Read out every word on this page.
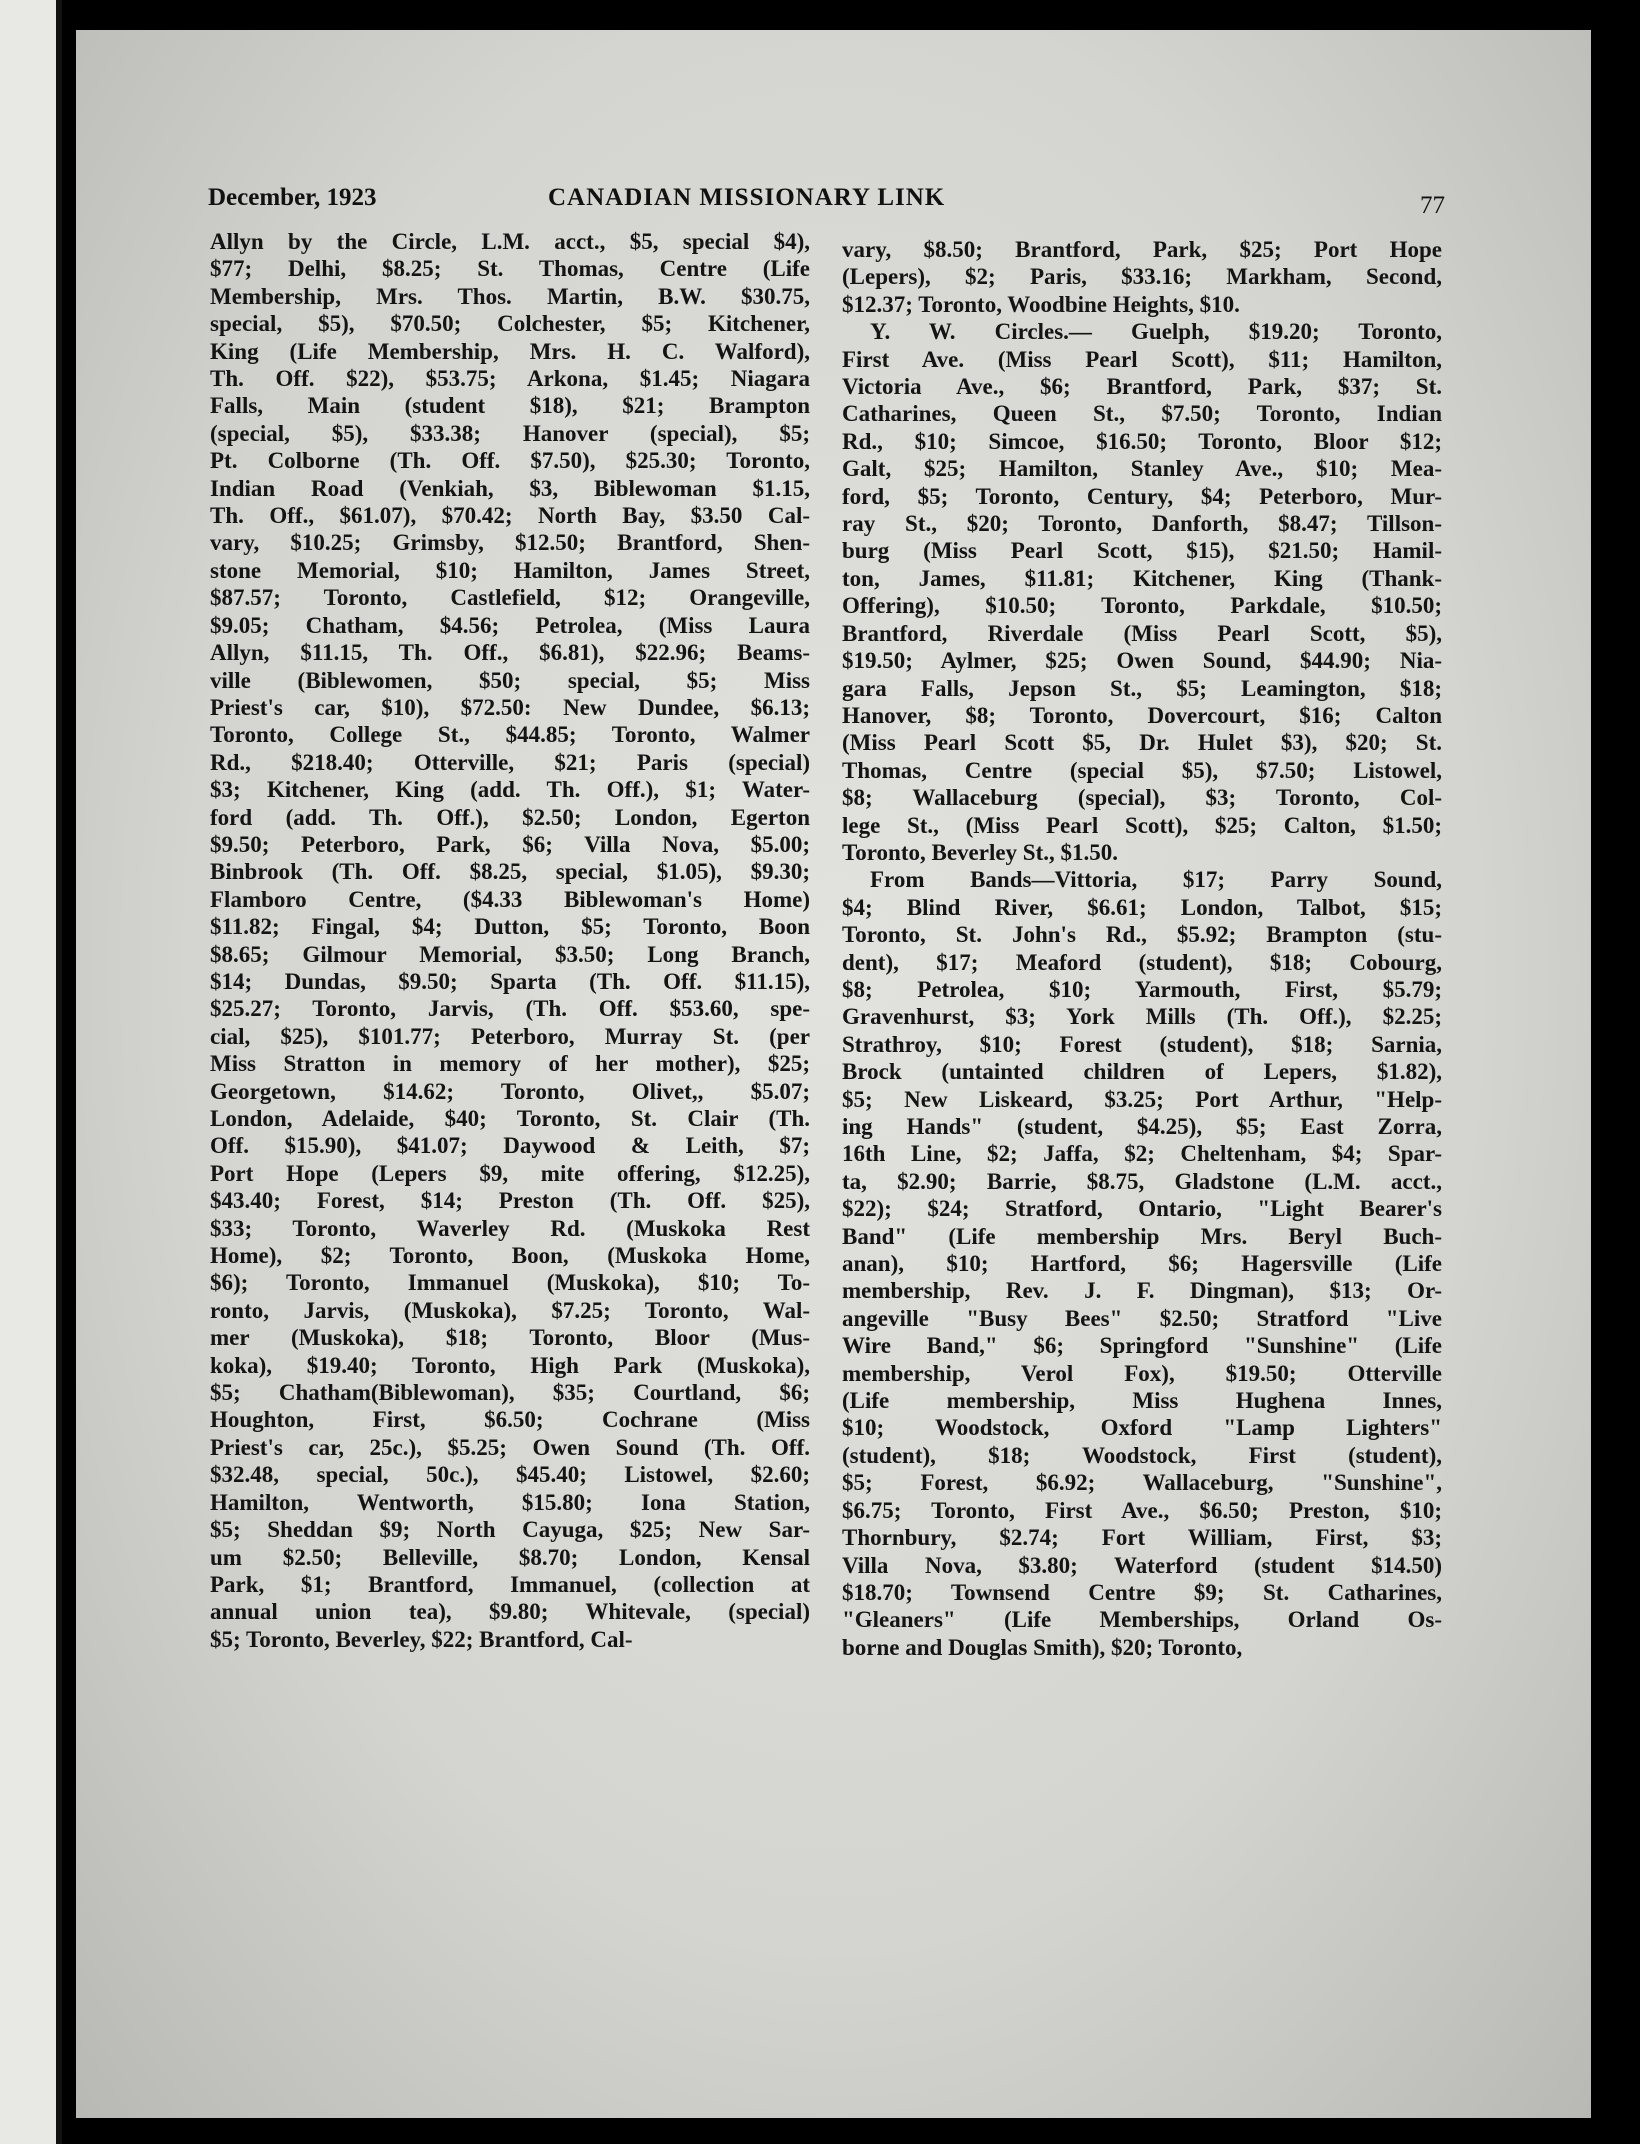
December, 1923	CANADIAN MISSIONARY LINK	77
Allyn by the Circle, L.M. acct., $5, special $4),
$77; Delhi, $8.25; St. Thomas, Centre (Life
Membership, Mrs. Thos. Martin, B.W. $30.75,
special, $5), $70.50; Colchester, $5; Kitchener,
King (Life Membership, Mrs. H. C. Walford),
Th. Off. $22), $53.75; Arkona, $1.45; Niagara
Falls, Main (student $18), $21; Brampton
(special, $5), $33.38; Hanover (special), $5;
Pt. Colborne (Th. Off. $7.50), $25.30; Toronto,
Indian Road (Venkiah, $3, Biblewoman $1.15,
Th. Off., $61.07), $70.42; North Bay, $3.50 Cal-
vary, $10.25; Grimsby, $12.50; Brantford, Shen-
stone Memorial, $10; Hamilton, James Street,
$87.57; Toronto, Castlefield, $12; Orangeville,
$9.05; Chatham, $4.56; Petrolea, (Miss Laura
Allyn, $11.15, Th. Off., $6.81), $22.96; Beams-
ville (Biblewomen, $50; special, $5; Miss
Priest's car, $10), $72.50: New Dundee, $6.13;
Toronto, College St., $44.85; Toronto, Walmer
Rd., $218.40; Otterville, $21; Paris (special)
$3; Kitchener, King (add. Th. Off.), $1; Water-
ford (add. Th. Off.), $2.50; London, Egerton
$9.50; Peterboro, Park, $6; Villa Nova, $5.00;
Binbrook (Th. Off. $8.25, special, $1.05), $9.30;
Flamboro Centre, ($4.33 Biblewoman's Home)
$11.82; Fingal, $4; Dutton, $5; Toronto, Boon
$8.65; Gilmour Memorial, $3.50; Long Branch,
$14; Dundas, $9.50; Sparta (Th. Off. $11.15),
$25.27; Toronto, Jarvis, (Th. Off. $53.60, spe-
cial, $25), $101.77; Peterboro, Murray St. (per
Miss Stratton in memory of her mother), $25;
Georgetown, $14.62; Toronto, Olivet,, $5.07;
London, Adelaide, $40; Toronto, St. Clair (Th.
Off. $15.90), $41.07; Daywood & Leith, $7;
Port Hope (Lepers $9, mite offering, $12.25),
$43.40; Forest, $14; Preston (Th. Off. $25),
$33; Toronto, Waverley Rd. (Muskoka Rest
Home), $2; Toronto, Boon, (Muskoka Home,
$6); Toronto, Immanuel (Muskoka), $10; To-
ronto, Jarvis, (Muskoka), $7.25; Toronto, Wal-
mer (Muskoka), $18; Toronto, Bloor (Mus-
koka), $19.40; Toronto, High Park (Muskoka),
$5; Chatham(Biblewoman), $35; Courtland, $6;
Houghton, First, $6.50; Cochrane (Miss
Priest's car, 25c.), $5.25; Owen Sound (Th. Off.
$32.48, special, 50c.), $45.40; Listowel, $2.60;
Hamilton, Wentworth, $15.80; Iona Station,
$5; Sheddan $9; North Cayuga, $25; New Sar-
um $2.50; Belleville, $8.70; London, Kensal
Park, $1; Brantford, Immanuel, (collection at
annual union tea), $9.80; Whitevale, (special)
$5; Toronto, Beverley, $22; Brantford, Cal-
vary, $8.50; Brantford, Park, $25; Port Hope
(Lepers), $2; Paris, $33.16; Markham, Second,
$12.37; Toronto, Woodbine Heights, $10.
Y. W. Circles.— Guelph, $19.20; Toronto,
First Ave. (Miss Pearl Scott), $11; Hamilton,
Victoria Ave., $6; Brantford, Park, $37; St.
Catharines, Queen St., $7.50; Toronto, Indian
Rd., $10; Simcoe, $16.50; Toronto, Bloor $12;
Galt, $25; Hamilton, Stanley Ave., $10; Mea-
ford, $5; Toronto, Century, $4; Peterboro, Mur-
ray St., $20; Toronto, Danforth, $8.47; Tillson-
burg (Miss Pearl Scott, $15), $21.50; Hamil-
ton, James, $11.81; Kitchener, King (Thank-
Offering), $10.50; Toronto, Parkdale, $10.50;
Brantford, Riverdale (Miss Pearl Scott, $5),
$19.50; Aylmer, $25; Owen Sound, $44.90; Nia-
gara Falls, Jepson St., $5; Leamington, $18;
Hanover, $8; Toronto, Dovercourt, $16; Calton
(Miss Pearl Scott $5, Dr. Hulet $3), $20; St.
Thomas, Centre (special $5), $7.50; Listowel,
$8; Wallaceburg (special), $3; Toronto, Col-
lege St., (Miss Pearl Scott), $25; Calton, $1.50;
Toronto, Beverley St., $1.50.
From Bands—Vittoria, $17; Parry Sound,
$4; Blind River, $6.61; London, Talbot, $15;
Toronto, St. John's Rd., $5.92; Brampton (stu-
dent), $17; Meaford (student), $18; Cobourg,
$8; Petrolea, $10; Yarmouth, First, $5.79;
Gravenhurst, $3; York Mills (Th. Off.), $2.25;
Strathroy, $10; Forest (student), $18; Sarnia,
Brock (untainted children of Lepers, $1.82),
$5; New Liskeard, $3.25; Port Arthur, "Help-
ing Hands" (student, $4.25), $5; East Zorra,
16th Line, $2; Jaffa, $2; Cheltenham, $4; Spar-
ta, $2.90; Barrie, $8.75, Gladstone (L.M. acct.,
$22); $24; Stratford, Ontario, "Light Bearer's
Band" (Life membership Mrs. Beryl Buch-
anan), $10; Hartford, $6; Hagersville (Life
membership, Rev. J. F. Dingman), $13; Or-
angeville "Busy Bees" $2.50; Stratford "Live
Wire Band," $6; Springford "Sunshine" (Life
membership, Verol Fox), $19.50; Otterville
(Life membership, Miss Hughena Innes,
$10; Woodstock, Oxford "Lamp Lighters"
(student), $18; Woodstock, First (student),
$5; Forest, $6.92; Wallaceburg, "Sunshine",
$6.75; Toronto, First Ave., $6.50; Preston, $10;
Thornbury, $2.74; Fort William, First, $3;
Villa Nova, $3.80; Waterford (student $14.50)
$18.70; Townsend Centre $9; St. Catharines,
"Gleaners" (Life Memberships, Orland Os-
borne and Douglas Smith), $20; Toronto,
